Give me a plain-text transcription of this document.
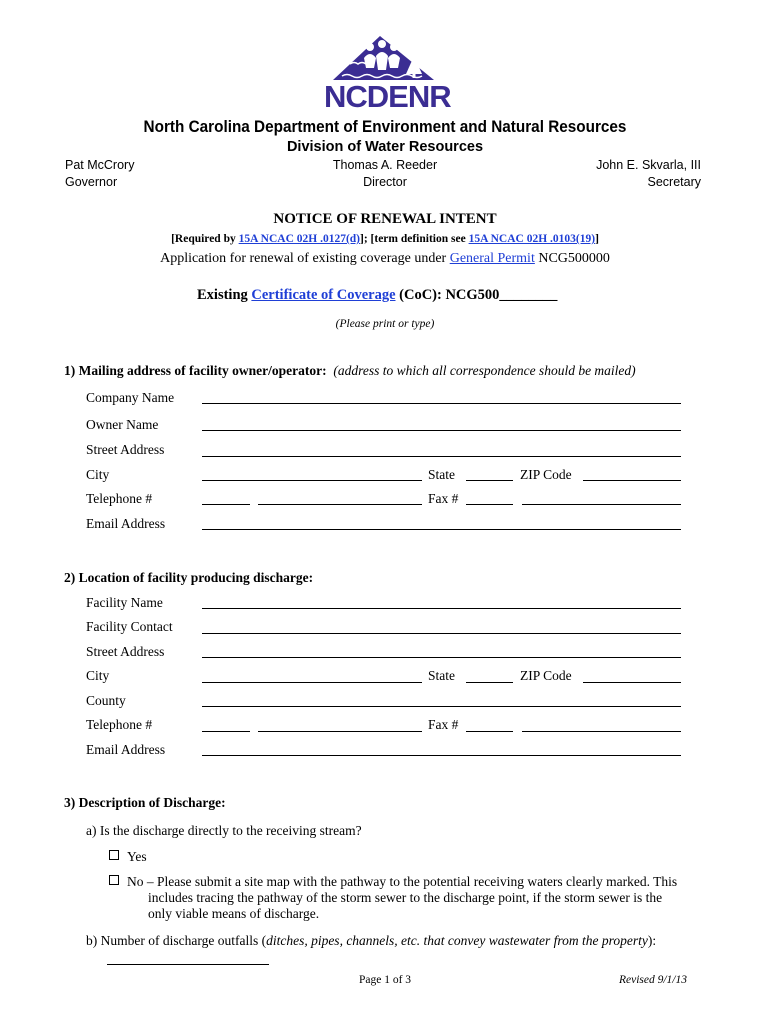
NCDENR
North Carolina Department of Environment and Natural Resources
Division of Water Resources
Pat McCrory
Governor
Thomas A. Reeder
Director
John E. Skvarla, III
Secretary
NOTICE OF RENEWAL INTENT
[Required by 15A NCAC 02H .0127(d)]; [term definition see 15A NCAC 02H .0103(19)]
Application for renewal of existing coverage under General Permit NCG500000
Existing Certificate of Coverage (CoC): NCG500________
(Please print or type)
1) Mailing address of facility owner/operator: (address to which all correspondence should be mailed)
Company Name
Owner Name
Street Address
City	State	ZIP Code
Telephone #	Fax #
Email Address
2) Location of facility producing discharge:
Facility Name
Facility Contact
Street Address
City	State	ZIP Code
County
Telephone #	Fax #
Email Address
3) Description of Discharge:
a) Is the discharge directly to the receiving stream?
Yes
No – Please submit a site map with the pathway to the potential receiving waters clearly marked. This
includes tracing the pathway of the storm sewer to the discharge point, if the storm sewer is the
only viable means of discharge.
b) Number of discharge outfalls (ditches, pipes, channels, etc. that convey wastewater from the property):
Page 1 of 3	Revised 9/1/13
